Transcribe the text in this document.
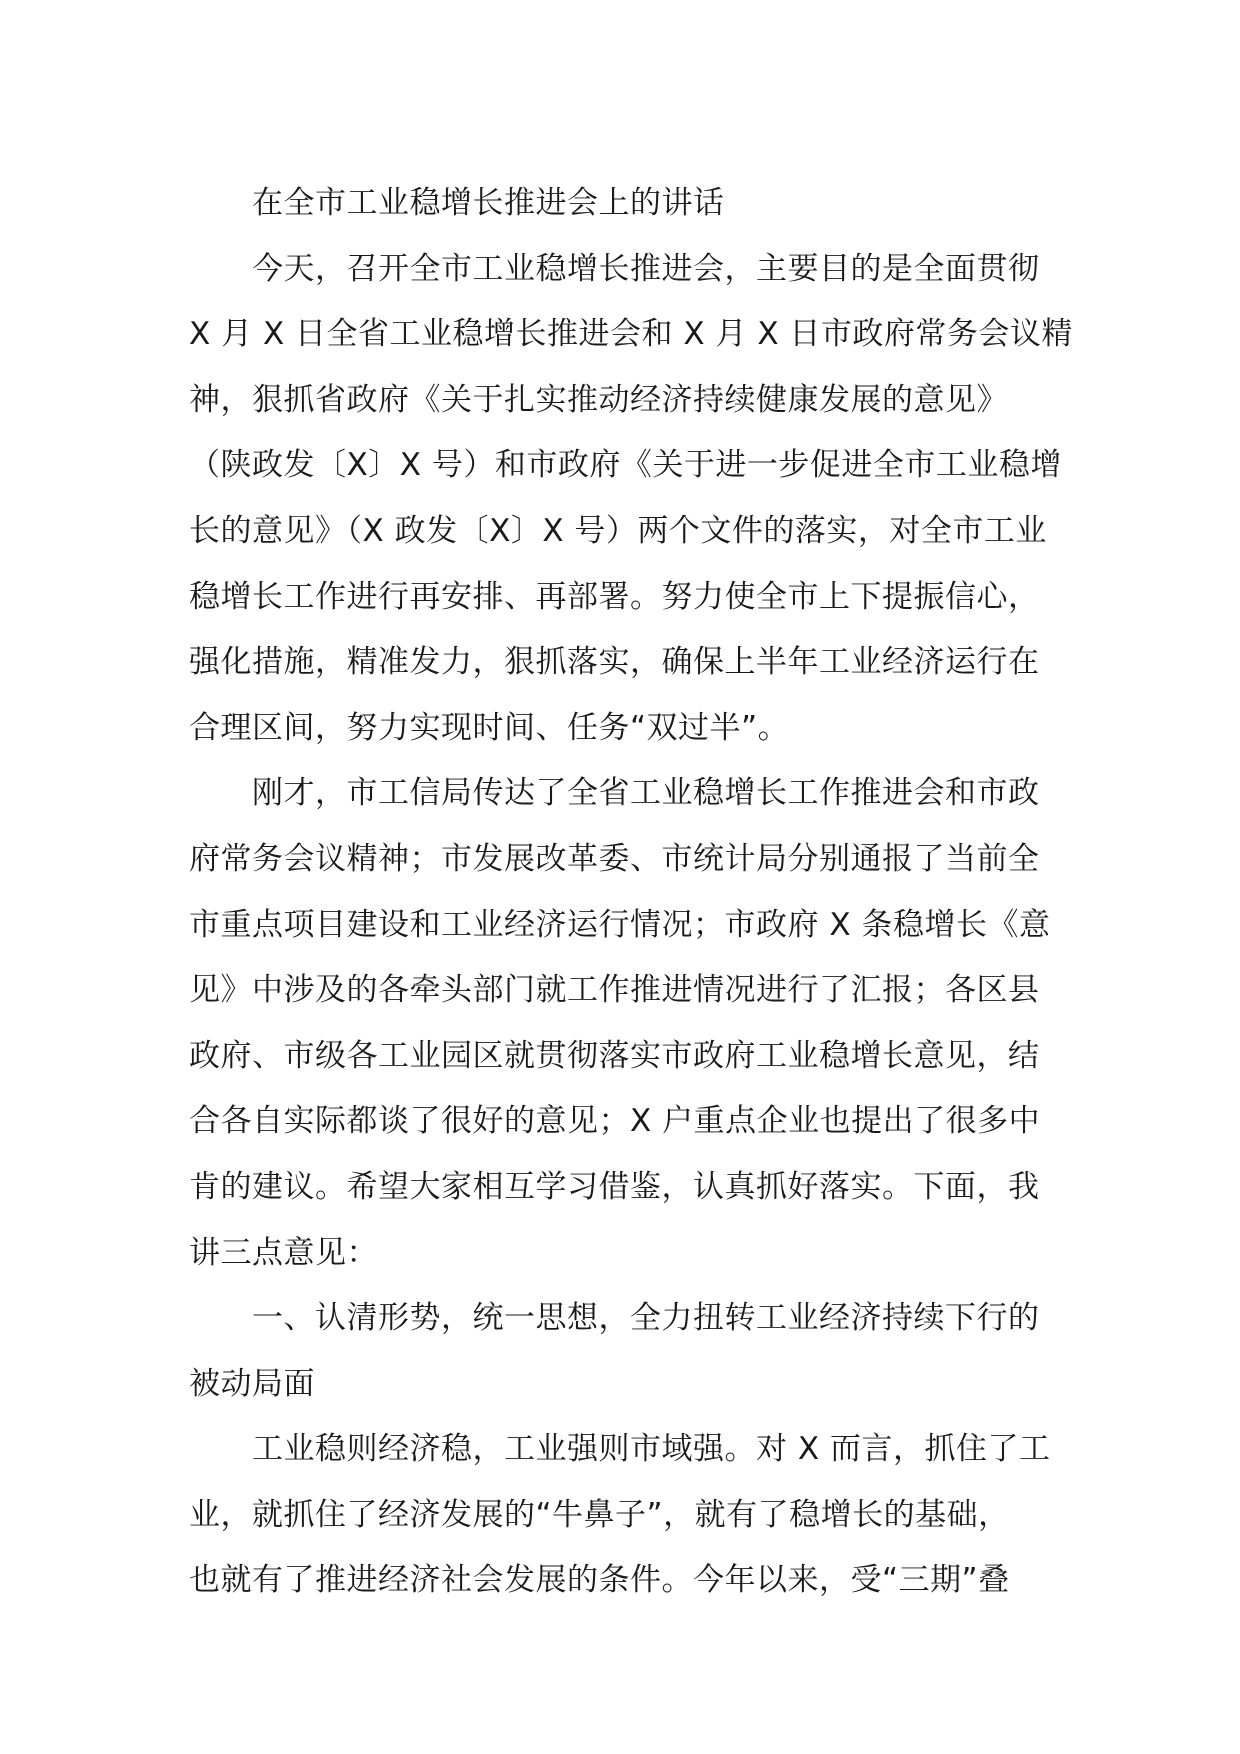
在全市工业稳增长推进会上的讲话
今天，召开全市工业稳增长推进会，主要目的是全面贯彻
X 月 X 日全省工业稳增长推进会和 X 月 X 日市政府常务会议精
神，狠抓省政府《关于扎实推动经济持续健康发展的意见》
（陕政发〔X〕X 号）和市政府《关于进一步促进全市工业稳增
长的意见》（X 政发〔X〕X 号）两个文件的落实，对全市工业
稳增长工作进行再安排、再部署。努力使全市上下提振信心，
强化措施，精准发力，狠抓落实，确保上半年工业经济运行在
合理区间，努力实现时间、任务“双过半”。
刚才，市工信局传达了全省工业稳增长工作推进会和市政
府常务会议精神；市发展改革委、市统计局分别通报了当前全
市重点项目建设和工业经济运行情况；市政府 X 条稳增长《意
见》中涉及的各牵头部门就工作推进情况进行了汇报；各区县
政府、市级各工业园区就贯彻落实市政府工业稳增长意见，结
合各自实际都谈了很好的意见；X 户重点企业也提出了很多中
肯的建议。希望大家相互学习借鉴，认真抓好落实。下面，我
讲三点意见：
一、认清形势，统一思想，全力扭转工业经济持续下行的
被动局面
工业稳则经济稳，工业强则市域强。对 X 而言，抓住了工
业，就抓住了经济发展的“牛鼻子”，就有了稳增长的基础，
也就有了推进经济社会发展的条件。今年以来，受“三期”叠
